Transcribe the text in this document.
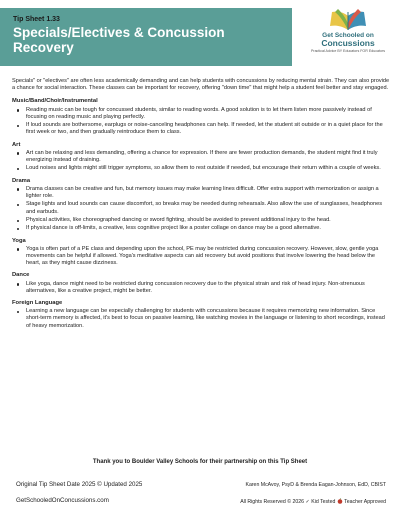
Tip Sheet 1.33
Specials/Electives & Concussion Recovery
Get Schooled on
Concussions
Practical Advice BY Educators FOR Educators

Specials" or "electives" are often less academically demanding and can help students with concussions by reducing mental strain. They can also provide a chance for social interaction. These classes can be important for recovery, offering "down time" that might help a student feel better and stay engaged.

Music/Band/Choir/Instrumental
Reading music can be tough for concussed students, similar to reading words. A good solution is to let them listen more passively instead of focusing on reading music and playing perfectly.
If loud sounds are bothersome, earplugs or noise-canceling headphones can help. If needed, let the student sit outside or in a quiet place for the first week or two, and then gradually reintroduce them to class.
Art
Art can be relaxing and less demanding, offering a chance for expression. If there are fewer production demands, the student might find it truly energizing instead of draining.
Loud noises and lights might still trigger symptoms, so allow them to rest outside if needed, but encourage their return within a couple of weeks.
Drama
Drama classes can be creative and fun, but memory issues may make learning lines difficult. Offer extra support with memorization or assign a lighter role.
Stage lights and loud sounds can cause discomfort, so breaks may be needed during rehearsals. Also allow the use of sunglasses, headphones and earbuds.
Physical activities, like choreographed dancing or sword fighting, should be avoided to prevent additional injury to the head.
If physical dance is off-limits, a creative, less cognitive project like a poster collage on dance may be a good alternative.
Yoga
Yoga is often part of a PE class and depending upon the school, PE may be restricted during concussion recovery. However, slow, gentle yoga movements can be helpful if allowed. Yoga's meditative aspects can aid recovery but avoid positions that involve lowering the head below the heart, as they might cause dizziness.
Dance
Like yoga, dance might need to be restricted during concussion recovery due to the physical strain and risk of head injury. Non-strenuous alternatives, like a creative project, might be better.
Foreign Language
Learning a new language can be especially challenging for students with concussions because it requires memorizing new information. Since short-term memory is affected, it's best to focus on passive learning, like watching movies in the language or listening to short recordings, instead of heavy memorization.
Thank you to Boulder Valley Schools for their partnership on this Tip Sheet
Original Tip Sheet Date 2025 © Updated 2025	Karen McAvoy, PsyD & Brenda Eagan-Johnson, EdD, CBIST
GetSchooledOnConcussions.com	All Rights Reserved © 2026 ✓ Kid Tested Teacher Approved
